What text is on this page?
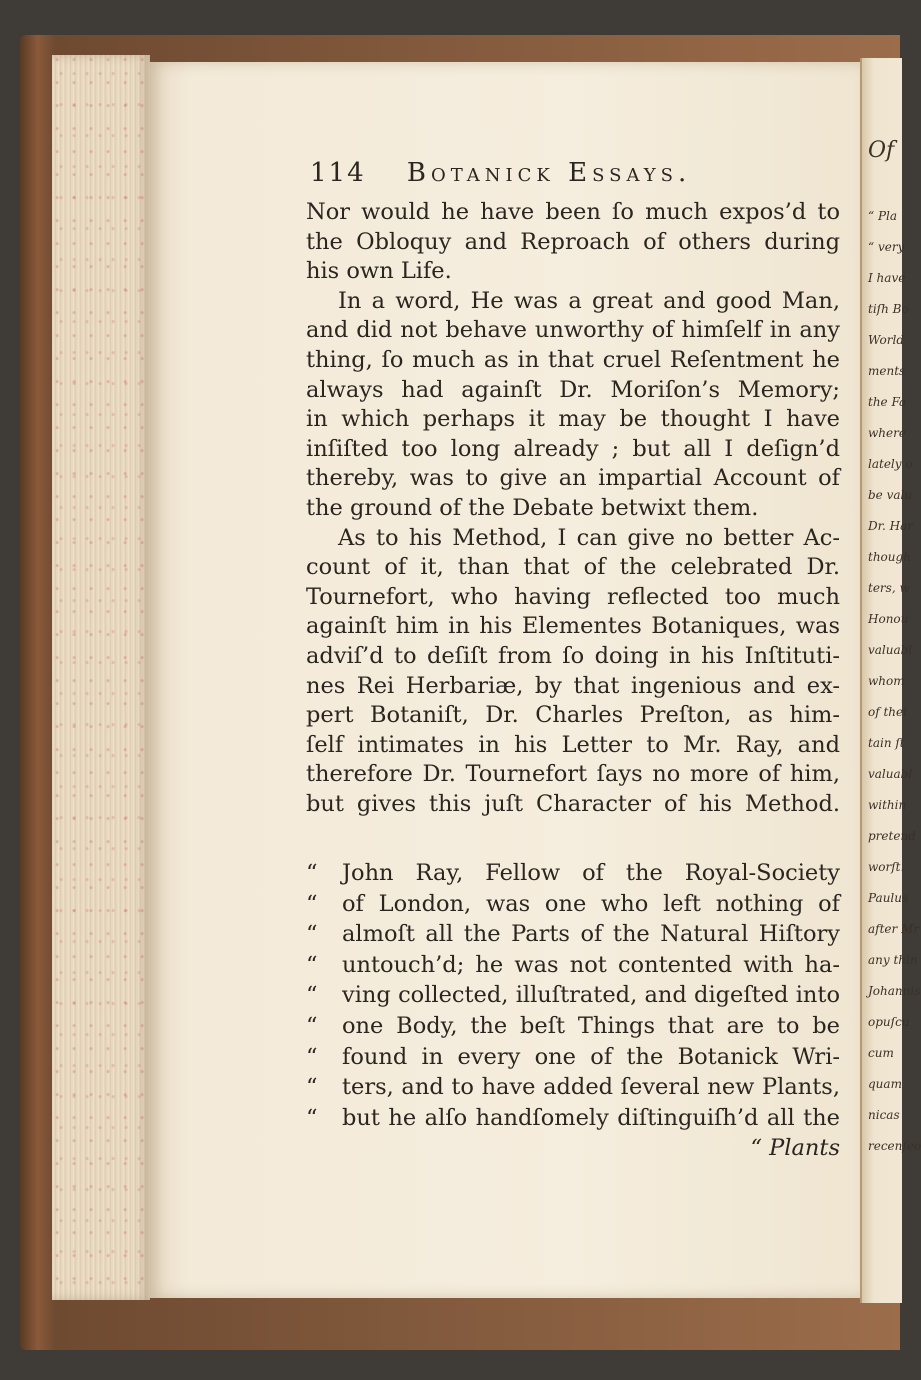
Of
“ Pla
“ very
I have
tiſh Bo
World
ments
the Fa
where
lately o
be valu
Dr. Har
though
ters, w
Honou
valuabl
whom
of thei
tain ſt
valuabl
within
pretend
worſt.
Paulus
after Mr
any thin
Johannis
opuſcu
cum
quam
nicas
recenſeo
114 Botanick Essays.
Nor would he have been ſo much expos’d to
the Obloquy and Reproach of others during
his own Life.
In a word, He was a great and good Man,
and did not behave unworthy of himſelf in any
thing, ſo much as in that cruel Reſentment he
always had againſt Dr. Moriſon’s Memory;
in which perhaps it may be thought I have
inſiſted too long already ; but all I deſign’d
thereby, was to give an impartial Account of
the ground of the Debate betwixt them.
As to his Method, I can give no better Ac-
count of it, than that of the celebrated Dr.
Tournefort, who having reflected too much
againſt him in his Elementes Botaniques, was
adviſ’d to deſiſt from ſo doing in his Inſtituti-
nes Rei Herbariæ, by that ingenious and ex-
pert Botaniſt, Dr. Charles Preſton, as him-
ſelf intimates in his Letter to Mr. Ray, and
therefore Dr. Tournefort ſays no more of him,
but gives this juſt Character of his Method.
“	John Ray, Fellow of the Royal-Society
“	of London, was one who left nothing of
“	almoſt all the Parts of the Natural Hiſtory
“	untouch’d; he was not contented with ha-
“	ving collected, illuſtrated, and digeſted into
“	one Body, the beſt Things that are to be
“	found in every one of the Botanick Wri-
“	ters, and to have added ſeveral new Plants,
“	but he alſo handſomely diſtinguiſh’d all the
“ Plants
